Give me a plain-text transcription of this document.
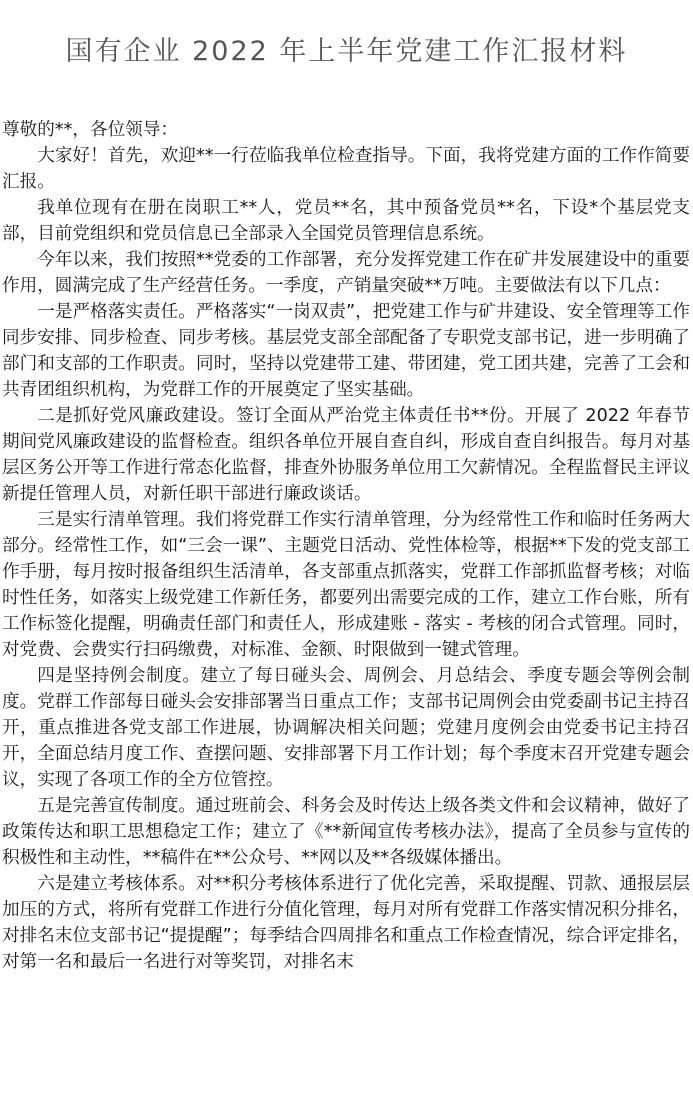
国有企业 2022 年上半年党建工作汇报材料

尊敬的**，各位领导：

大家好！首先，欢迎**一行莅临我单位检查指导。下面，我将党建方面的工作作简要汇报。

我单位现有在册在岗职工**人，党员**名，其中预备党员**名，下设*个基层党支部，目前党组织和党员信息已全部录入全国党员管理信息系统。

今年以来，我们按照**党委的工作部署，充分发挥党建工作在矿井发展建设中的重要作用，圆满完成了生产经营任务。一季度，产销量突破**万吨。主要做法有以下几点：

一是严格落实责任。严格落实“一岗双责”，把党建工作与矿井建设、安全管理等工作同步安排、同步检查、同步考核。基层党支部全部配备了专职党支部书记，进一步明确了部门和支部的工作职责。同时，坚持以党建带工建、带团建，党工团共建，完善了工会和共青团组织机构，为党群工作的开展奠定了坚实基础。

二是抓好党风廉政建设。签订全面从严治党主体责任书**份。开展了 2022 年春节期间党风廉政建设的监督检查。组织各单位开展自查自纠，形成自查自纠报告。每月对基层区务公开等工作进行常态化监督，排查外协服务单位用工欠薪情况。全程监督民主评议新提任管理人员，对新任职干部进行廉政谈话。

三是实行清单管理。我们将党群工作实行清单管理，分为经常性工作和临时任务两大部分。经常性工作，如“三会一课”、主题党日活动、党性体检等，根据**下发的党支部工作手册，每月按时报备组织生活清单，各支部重点抓落实，党群工作部抓监督考核；对临时性任务，如落实上级党建工作新任务，都要列出需要完成的工作，建立工作台账，所有工作标签化提醒，明确责任部门和责任人，形成建账 - 落实 - 考核的闭合式管理。同时，对党费、会费实行扫码缴费，对标准、金额、时限做到一键式管理。

四是坚持例会制度。建立了每日碰头会、周例会、月总结会、季度专题会等例会制度。党群工作部每日碰头会安排部署当日重点工作；支部书记周例会由党委副书记主持召开，重点推进各党支部工作进展，协调解决相关问题；党建月度例会由党委书记主持召开，全面总结月度工作、查摆问题、安排部署下月工作计划；每个季度末召开党建专题会议，实现了各项工作的全方位管控。

五是完善宣传制度。通过班前会、科务会及时传达上级各类文件和会议精神，做好了政策传达和职工思想稳定工作；建立了《**新闻宣传考核办法》，提高了全员参与宣传的积极性和主动性，**稿件在**公众号、**网以及**各级媒体播出。

六是建立考核体系。对**积分考核体系进行了优化完善，采取提醒、罚款、通报层层加压的方式，将所有党群工作进行分值化管理，每月对所有党群工作落实情况积分排名，对排名末位支部书记“提提醒”；每季结合四周排名和重点工作检查情况，综合评定排名，对第一名和最后一名进行对等奖罚，对排名末
